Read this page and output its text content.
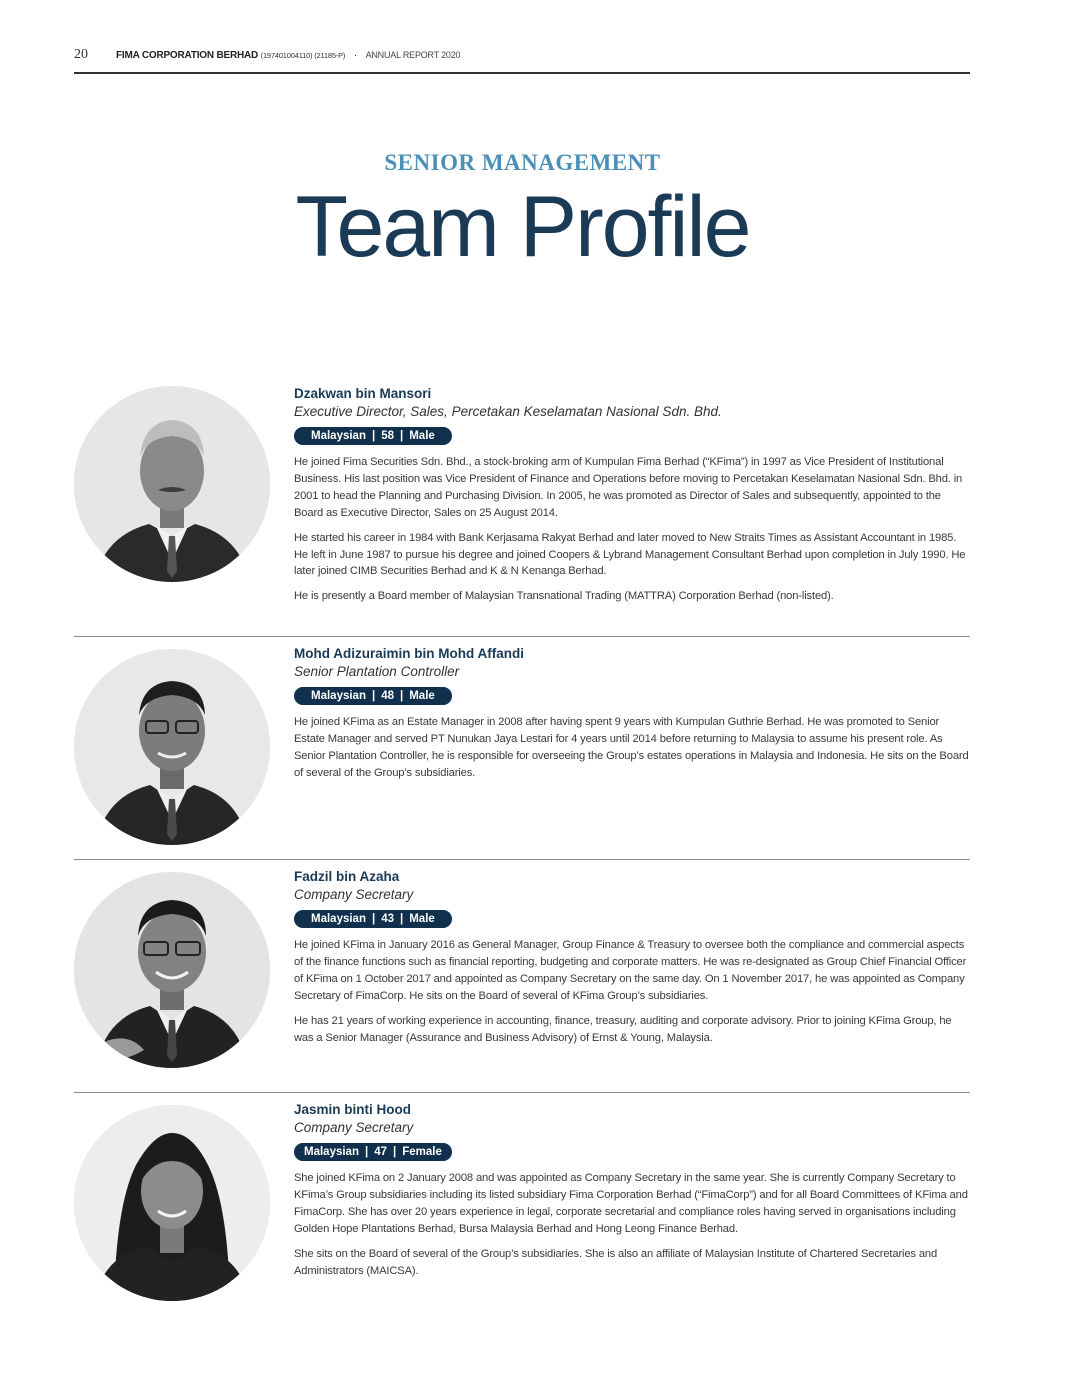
20	FIMA CORPORATION BERHAD (197401004110) (21185-P) · ANNUAL REPORT 2020
SENIOR MANAGEMENT
Team Profile
Dzakwan bin Mansori
Executive Director, Sales, Percetakan Keselamatan Nasional Sdn. Bhd.
Malaysian | 58 | Male

He joined Fima Securities Sdn. Bhd., a stock-broking arm of Kumpulan Fima Berhad (“KFima”) in 1997 as Vice President of Institutional Business. His last position was Vice President of Finance and Operations before moving to Percetakan Keselamatan Nasional Sdn. Bhd. in 2001 to head the Planning and Purchasing Division. In 2005, he was promoted as Director of Sales and subsequently, appointed to the Board as Executive Director, Sales on 25 August 2014.

He started his career in 1984 with Bank Kerjasama Rakyat Berhad and later moved to New Straits Times as Assistant Accountant in 1985. He left in June 1987 to pursue his degree and joined Coopers & Lybrand Management Consultant Berhad upon completion in July 1990. He later joined CIMB Securities Berhad and K & N Kenanga Berhad.

He is presently a Board member of Malaysian Transnational Trading (MATTRA) Corporation Berhad (non-listed).

Mohd Adizuraimin bin Mohd Affandi
Senior Plantation Controller
Malaysian | 48 | Male

He joined KFima as an Estate Manager in 2008 after having spent 9 years with Kumpulan Guthrie Berhad. He was promoted to Senior Estate Manager and served PT Nunukan Jaya Lestari for 4 years until 2014 before returning to Malaysia to assume his present role. As Senior Plantation Controller, he is responsible for overseeing the Group’s estates operations in Malaysia and Indonesia. He sits on the Board of several of the Group’s subsidiaries.

Fadzil bin Azaha
Company Secretary
Malaysian | 43 | Male

He joined KFima in January 2016 as General Manager, Group Finance & Treasury to oversee both the compliance and commercial aspects of the finance functions such as financial reporting, budgeting and corporate matters. He was re-designated as Group Chief Financial Officer of KFima on 1 October 2017 and appointed as Company Secretary on the same day. On 1 November 2017, he was appointed as Company Secretary of FimaCorp. He sits on the Board of several of KFima Group’s subsidiaries.

He has 21 years of working experience in accounting, finance, treasury, auditing and corporate advisory. Prior to joining KFima Group, he was a Senior Manager (Assurance and Business Advisory) of Ernst & Young, Malaysia.

Jasmin binti Hood
Company Secretary
Malaysian | 47 | Female

She joined KFima on 2 January 2008 and was appointed as Company Secretary in the same year. She is currently Company Secretary to KFima’s Group subsidiaries including its listed subsidiary Fima Corporation Berhad (“FimaCorp”) and for all Board Committees of KFima and FimaCorp. She has over 20 years experience in legal, corporate secretarial and compliance roles having served in organisations including Golden Hope Plantations Berhad, Bursa Malaysia Berhad and Hong Leong Finance Berhad.

She sits on the Board of several of the Group’s subsidiaries. She is also an affiliate of Malaysian Institute of Chartered Secretaries and Administrators (MAICSA).
